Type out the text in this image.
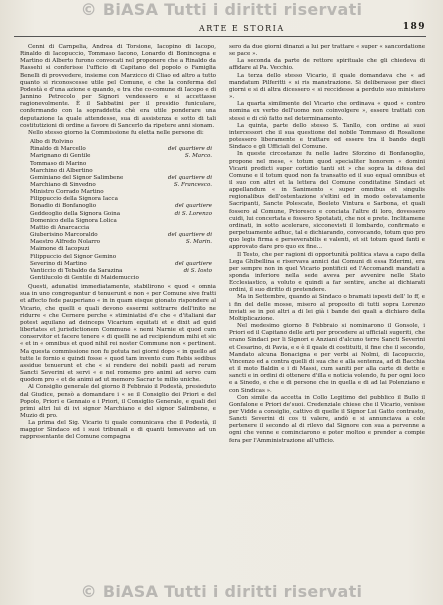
© BiASA Tutti i diritti riservati
ARTE E STORIA	189

Cenni di Carnpelia, Andrea di Torsione, Iacopino di Iacopo, Rinaldo di Iacopuccio, Tommaso Iacono, Lonardo di Bonincegna e Martino di Alberto furono convocati nel proponere che a Rinaldo da Rassehi si conferisse l'ufficio di Capitano del popolo o Famiglia Benelli di provvedere, insieme con Marzicco di Cliao ed altro a tutto quanto si riconoscesse utile pel Comune, e che la conferma del Podestà e d'una azione e quando, e tra che co-comune di Iacopo e di Jannino Petrecolo per Signori vendessero e si accettasse ragionevolmente. È il Sabbatini per il presidio funiculare, confermando con la sopraddetta chè era utile ponderare una deputazione la quale attendesse, sua di assistenza e sotto di tali costitutizioni di ordine a favore di Sancerlo da ripetere anni sionam.

Nello stesso giorno la Commissione fu eletta nelle persone di:

Albo di Rolvino
Rinaldo di Marcello	del quartiere di
Marignano di Gentile	S. Marco.
Tommaso di Marino
Marchino di Albertino
Geminiano del Signor Salimbene	del quartiere di
Marchiano di Sinvedno	S. Francesco.
Ministro Corrado Martino
Filippuccio della Signora Iacca
Bonadio di Bonfanoglio	del quartiere
Geddeoglio della Signora Goina	di S. Lorenzo
Domenico della Signora Lolica
Mattio di Anarcaccia
Giuberisino Marcoraldo	del quartiere di
Maestro Alfredo Nolarro	S. Marin.
Maimone di Iacopuzi
Filippuccio del Signor Gemino
Severino di Martino	del quartiere
Vanticcio di Tebaldo da Sarazina	di S. Iosto
Gentilucolo di Gentile di Maidemuccio

Questi, adunatisi immediatamente, stabilirono « quod « omnia sua in uno congregantur d tenuerunt e non « per Comune sive fratti et affecto fede pauperiano « in in quam eisque gionato rispondere al Vicario, che quelli e quali devono essermi sottrarre dell'inito ne ridurre « che Cernere perche « stiminiatisi d'e che « d'italiani dar potest aquilano ad deinceps Vicarium equitati et e dixit ad quid libertates et jurisdictionem Commune « nemi Narnie et quod cum conservitor et facere tenere « di quelli ne ad recipiendum mihi et sic « et in « omnibus et quod nihil rei noster Commune non « pertinent. Ma questa commissione non fu potuta nei giorni dopo « in quello ad tutte le fornio e quindi fosse « quod tam invento cum Rebis sedibus assidue tenuerunt et che « si rendere dei nobili pasti ad rerum Sancti Severini et servi « e nel romemo pro animi ad servo cum quodom pro « et de animi ad ut memoro Sacrar te milio uniche.

Al Consiglio generale del giorno 8 Febbraio il Podestà, presieduto dal Giudice, pensò a domandare i « se il Consiglio dei Priori e del Popolo, Priori e Gennaio e i Priori, il Consiglio Generale, e quali dei primi altri lui di ivi signor Marchiano e del signor Salimbene, e Muzio di pro.

La prima del Sig. Vicario ti quale comunicava che il Podestà, il maggior Sindaco ed i suoi tribunali e di quanti temevano ad un rappresentante del Comune compagna

sero da due giorni dinanzi a lui per trattare « super « sancordatione se pace ».

La seconda da parte de rettore spirituale che gli chiedeva di affidare al Pa. Vecchio.

La terza dello stesso Vicario, il quale domandava che « ad mandatum Pilferitti « si ris manstrazione. Si deliberasse per dieci giorni e si di altra dicessero « si reccidesse a perduto suo ministero ».

La quarta similmente del Vicario che ordinava « quod « contro nomina ex verbo dell'uomo non coinvolgere », essere trattati con stessi e di ciò fatto nel determinamento.

La quinta, parte dello stesso S. Tanllo, con ordine ai suoi intercessori che il sua questione del nobile Tommaso di Rosalione potessero liberamente e trattare ed essere tra il bando degli Sindaco e gli Ufficiali del Comune.

In queste circostanze fu nelle ladre Sforzino di Bonfanoglio, propone nel mese, « totum quod specialiter honorem « domini Vicarii predicti super cortidio tanti sit » che sopra la difesa del Comune e il totum quod non fa transatto ed il suo equal omnibus et il suo con altri et la lettera del Comune conditatine Sindaci et appellandum « in Sanimento « super omnibus et singulis regionalibus dell'ostentazione s'eltini ed in modo ostevatamente Sacripanti, Sancte Polescate, Beeleto Vintura e Sarbona, et quali fossero al Comune, Prioresco e conciata l'altre di loro, dovessero cuidi, lui concertata e fossero Spotatati, che noi e prete. Inclitamene ordinati, in sotto acelerare, sicconevisti il lombardo, confirmato e perpetuamente adhuc, tal e dichiarando, convocando, totum quo pro quo legis firma e perseverabilis e valenti, et sit totum quod fanti e approvato dare pro quo ex fine...

Il Testo, che per ragioni di opportunità politica stava a capo della Lega Ghibellina e riservava annici dai Comuni di essa Ederimi, era per sempre non in quel Vicario pontificii ed l'Accomandi mandati a sponda inferiore nella sede aveva per avvenire nelle Stato Ecclesiastico, a voluto e quindi a far sentire, anche ai dichiarati ordini, il suo diritto di pretendere.

Ma in Settembre, quando ai Sindaco o bramati ispesti dell' lo ff, e i fin del delle mosse, misero al proposito di tutti sopra Lorenzo inviati se in poi altri a di lei già i bande dei quali a dichiaro della Moltiplicazione.

Nel medesimo giorno 8 Febbraio si nominarono il Gonsole, i Priori ed il Capitano delle arti per procedere ai ufficiali sugeriti, che erano Sindaci per li Signori e Anziani d'alcuno terre Sancti Severini et Cesarino, di Pavia, e e è il quale di costituiti, il fine che il secondo, Mandato alcuna Bonacigna e per verbi ai Nolmi, di Iacopuccio, Vincenzo ed a contra quelli di sua che e alla sentenza, ad di Bacchia et il moto Baldin e i di Massi, cum saniti per alla carte di dette e sancti e in ordini di ottenere d'illa e noticia volendo, fu per ogni loco e a Sinedo, e che e di persone che in quella e di ad lai Polenziano e con Sindicas ».

Con simile da accetta in Collo Legitimo del pubblico il Bullo il Gonfalone e Priori de'suoi. Credenziale chiese che il Vicario, venisse per Vidde a consiglio, cattivo di quelle il Signor Lui Gatto contrasto, Sancti Severini di cos ti valere, andò e si annunciava a cole pertenere il secondo al di rilevo dal Signore con sua a pervenne a ogni che venne e cominciarono e poter moltoo e prender a compie fera per l'Amministrazione all'ufficio.

© BiASA Tutti i diritti riservati
